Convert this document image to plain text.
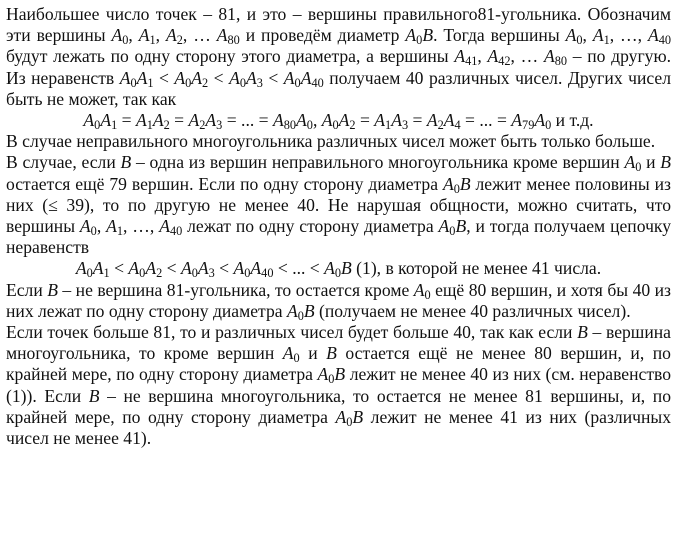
Наибольшее число точек – 81, и это – вершины правильного81-угольника. Обозначим эти вершины $A_0$, $A_1$, $A_2$, … $A_{80}$ и проведём диаметр $A_0B$. Тогда вершины $A_0$, $A_1$, …, $A_{40}$ будут лежать по одну сторону этого диаметра, а вершины $A_{41}$, $A_{42}$, … $A_{80}$ – по другую. Из неравенств $A_0A_1 < A_0A_2 < A_0A_3 < A_0A_{40}$ получаем 40 различных чисел. Других чисел быть не может, так как

$A_0A_1 = A_1A_2 = A_2A_3$ = ... = $A_{80}A_0$, $A_0A_2 = A_1A_3 = A_2A_4$ = ... = $A_{79}A_0$ и т.д.

В случае неправильного многоугольника различных чисел может быть только больше.

В случае, если B – одна из вершин неправильного многоугольника кроме вершин $A_0$ и B остается ещё 79 вершин. Если по одну сторону диаметра $A_0B$ лежит менее половины из них (≤ 39), то по другую не менее 40. Не нарушая общности, можно считать, что вершины $A_0$, $A_1$, …, $A_{40}$ лежат по одну сторону диаметра $A_0B$, и тогда получаем цепочку неравенств

$A_0A_1 < A_0A_2 < A_0A_3 < A_0A_{40}$ < ... < $A_0B$ (1), в которой не менее 41 числа.

Если B – не вершина 81-угольника, то остается кроме $A_0$ ещё 80 вершин, и хотя бы 40 из них лежат по одну сторону диаметра $A_0B$ (получаем не менее 40 различных чисел).

Если точек больше 81, то и различных чисел будет больше 40, так как если B – вершина многоугольника, то кроме вершин $A_0$ и B остается ещё не менее 80 вершин, и, по крайней мере, по одну сторону диаметра $A_0B$ лежит не менее 40 из них (см. неравенство (1)). Если B – не вершина многоугольника, то остается не менее 81 вершины, и, по крайней мере, по одну сторону диаметра $A_0B$ лежит не менее 41 из них (различных чисел не менее 41).
